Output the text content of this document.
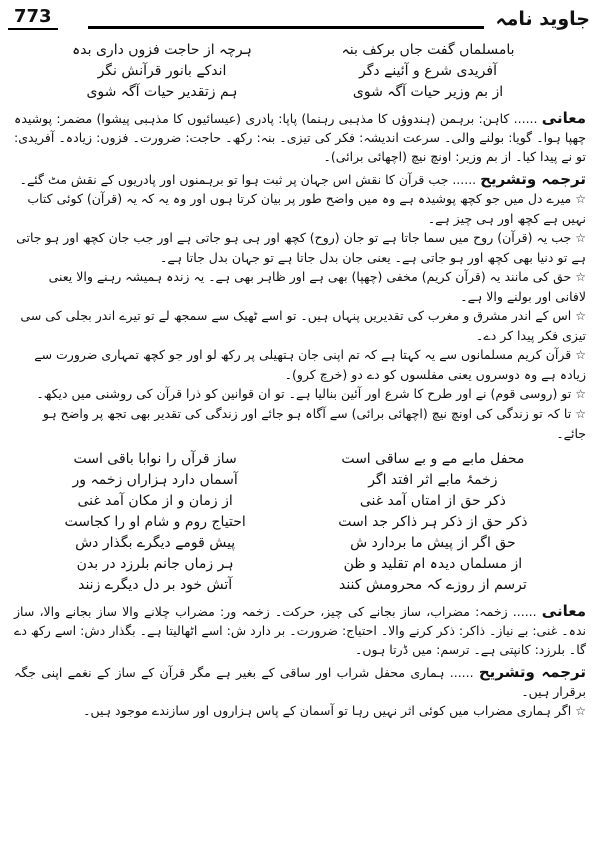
جاوید نامہ
773
بامسلماں گفت جاں برکف بنہ
ہرچہ از حاجت فزوں داری بدہ
آفریدی شرع و آئینے دگر
اندکے بانور قرآنش نگر
از بم وزیر حیات آگہ شوی
ہم زتقدیر حیات آگہ شوی
معانی ...... کاہن: برہمن (ہندوؤں کا مذہبی رہنما) پاپا: پادری (عیسائیوں کا مذہبی پیشوا) مضمر: پوشیدہ چھپا ہوا۔ گویا: بولنے والی۔ سرعت اندیشہ: فکر کی تیزی۔ بنہ: رکھ۔ حاجت: ضرورت۔ فزوں: زیادہ۔ آفریدی: تو نے پیدا کیا۔ از بم وزیر: اونچ نیچ (اچھائی برائی)۔
ترجمہ وتشریح ...... جب قرآن کا نقش اس جہان پر ثبت ہوا تو برہمنوں اور پادریوں کے نقش مٹ گئے۔
☆میرے دل میں جو کچھ پوشیدہ ہے وہ میں واضح طور پر بیان کرتا ہوں اور وہ یہ کہ یہ (قرآن) کوئی کتاب نہیں ہے کچھ اور ہی چیز ہے۔
☆جب یہ (قرآن) روح میں سما جاتا ہے تو جان (روح) کچھ اور ہی ہو جاتی ہے اور جب جان کچھ اور ہو جاتی ہے تو دنیا بھی کچھ اور ہو جاتی ہے۔ یعنی جان بدل جاتا ہے تو جہان بدل جاتا ہے۔
☆حق کی مانند یہ (قرآن کریم) مخفی (چھپا) بھی ہے اور ظاہر بھی ہے۔ یہ زندہ ہمیشہ رہنے والا یعنی لافانی اور بولنے والا ہے۔
☆اس کے اندر مشرق و مغرب کی تقدیریں پنہاں ہیں۔ تو اسے ٹھیک سے سمجھ لے تو تیرے اندر بجلی کی سی تیزی فکر پیدا کر دے۔
☆قرآن کریم مسلمانوں سے یہ کہتا ہے کہ تم اپنی جان ہتھیلی پر رکھ لو اور جو کچھ تمہاری ضرورت سے زیادہ ہے وہ دوسروں یعنی مفلسوں کو دے دو (خرچ کرو)۔
☆تو (روسی قوم) نے اور طرح کا شرع اور آئین بنالیا ہے۔ تو ان قوانین کو ذرا قرآن کی روشنی میں دیکھ۔
☆تا کہ تو زندگی کی اونچ نیچ (اچھائی برائی) سے آگاہ ہو جائے اور زندگی کی تقدیر بھی تجھ پر واضح ہو جائے۔
محفل مابے مے و بے ساقی است
ساز قرآں را نوابا باقی است
زخمۂ مابے اثر افتد اگر
آسماں دارد ہزاراں زخمہ ور
ذکر حق از امتاں آمد غنی
از زمان و از مکان آمد غنی
ذکر حق از ذکر ہر ذاکر جد است
احتیاج روم و شام او را کجاست
حق اگر از پیش ما بردارد ش
پیش قومے دیگرے بگذار دش
از مسلماں دیدہ ام تقلید و ظن
ہر زماں جانم بلرزد در بدن
ترسم از روزے کہ محرومش کنند
آتش خود بر دل دیگرے زنند
معانی ...... زخمہ: مضراب، ساز بجانے کی چیز، حرکت۔ زخمہ ور: مضراب چلانے والا ساز بجانے والا، ساز ندہ۔ غنی: بے نیاز۔ ذاکر: ذکر کرنے والا۔ احتیاج: ضرورت۔ بر دارد ش: اسے اٹھالیتا ہے۔ بگذار دش: اسے رکھ دے گا۔ بلرزد: کانپتی ہے۔ ترسم: میں ڈرتا ہوں۔
ترجمہ وتشریح ...... ہماری محفل شراب اور ساقی کے بغیر ہے مگر قرآن کے ساز کے نغمے اپنی جگہ برقرار ہیں۔
☆اگر ہماری مضراب میں کوئی اثر نہیں رہا تو آسمان کے پاس ہزاروں اور سازندے موجود ہیں۔
